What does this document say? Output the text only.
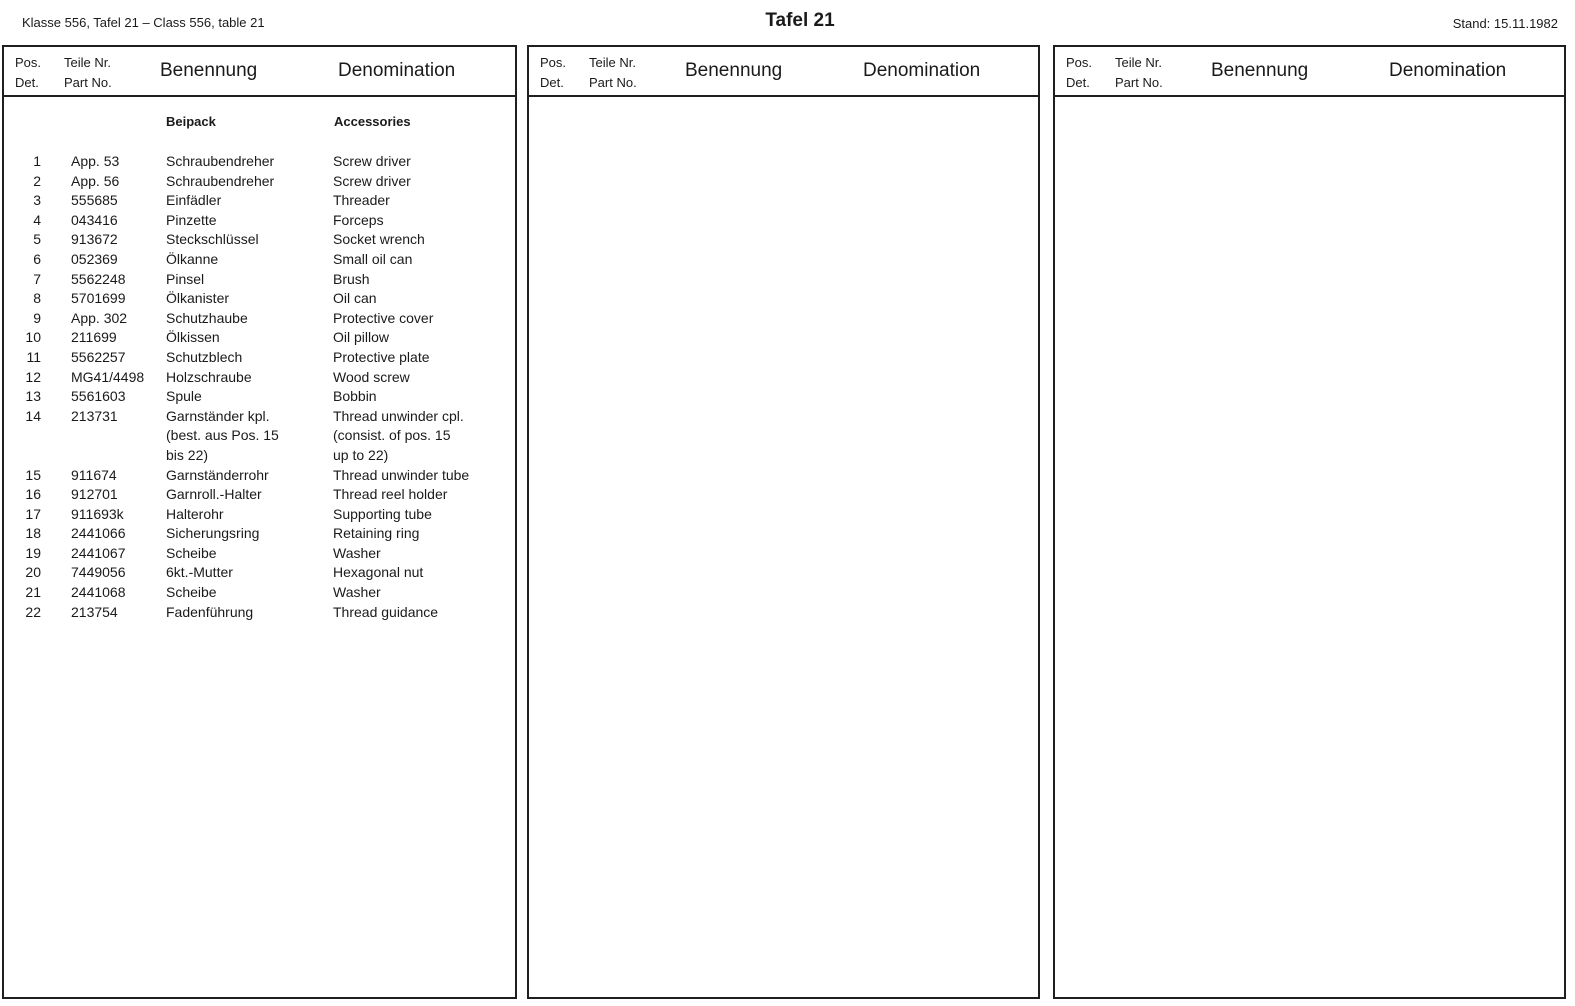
Klasse 556, Tafel 21 – Class 556, table 21	Tafel 21	Stand: 15.11.1982
Pos.
Det.
Teile Nr.
Part No.
Benennung	Denomination
Beipack	Accessories
1 App. 53	Schraubendreher	Screw driver
2 App. 56	Schraubendreher	Screw driver
3 555685	Einfädler	Threader
4 043416	Pinzette	Forceps
5 913672	Steckschlüssel	Socket wrench
6 052369	Ölkanne	Small oil can
7 5562248	Pinsel	Brush
8 5701699	Ölkanister	Oil can
9 App. 302	Schutzhaube	Protective cover
10 211699	Ölkissen	Oil pillow
11 5562257	Schutzblech	Protective plate
12 MG41/4498 Holzschraube	Wood screw
13 5561603	Spule	Bobbin
14 213731	Garnständer kpl.	Thread unwinder cpl.
(best. aus Pos. 15	(consist. of pos. 15
bis 22)	up to 22)
15 911674	Garnständerrohr	Thread unwinder tube
16 912701	Garnroll.-Halter	Thread reel holder
17 911693k	Halterohr	Supporting tube
18 2441066	Sicherungsring	Retaining ring
19 2441067	Scheibe	Washer
20 7449056	6kt.-Mutter	Hexagonal nut
21 2441068	Scheibe	Washer
22 213754	Fadenführung	Thread guidance
Pos.
Det.
Teile Nr.
Part No.
Benennung	Denomination	Pos.
Det.
Teile Nr.
Part No.
Benennung	Denomination
